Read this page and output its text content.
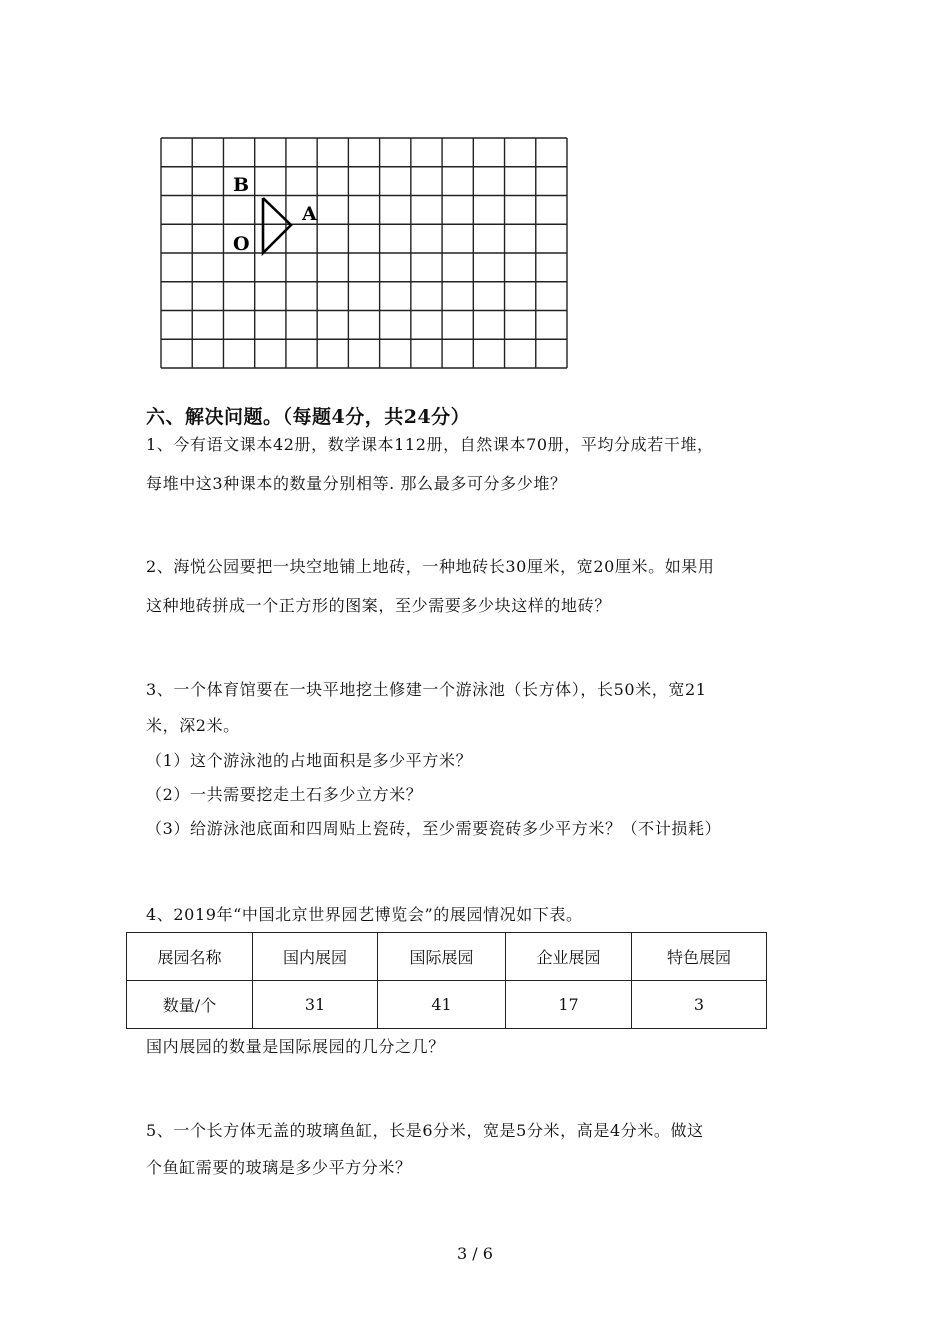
B
A
O
六、解决问题。（每题4分，共24分）
1、今有语文课本42册，数学课本112册，自然课本70册，平均分成若干堆，
每堆中这3种课本的数量分别相等. 那么最多可分多少堆？
2、海悦公园要把一块空地铺上地砖，一种地砖长30厘米，宽20厘米。如果用
这种地砖拼成一个正方形的图案，至少需要多少块这样的地砖？
3、一个体育馆要在一块平地挖土修建一个游泳池（长方体），长50米，宽21
米，深2米。
（1）这个游泳池的占地面积是多少平方米？
（2）一共需要挖走土石多少立方米？
（3）给游泳池底面和四周贴上瓷砖，至少需要瓷砖多少平方米？（不计损耗）
4、2019年“中国北京世界园艺博览会”的展园情况如下表。
展园名称	国内展园	国际展园	企业展园	特色展园
数量/个	31	41	17	3
国内展园的数量是国际展园的几分之几？
5、一个长方体无盖的玻璃鱼缸，长是6分米，宽是5分米，高是4分米。做这
个鱼缸需要的玻璃是多少平方分米？
3 / 6
